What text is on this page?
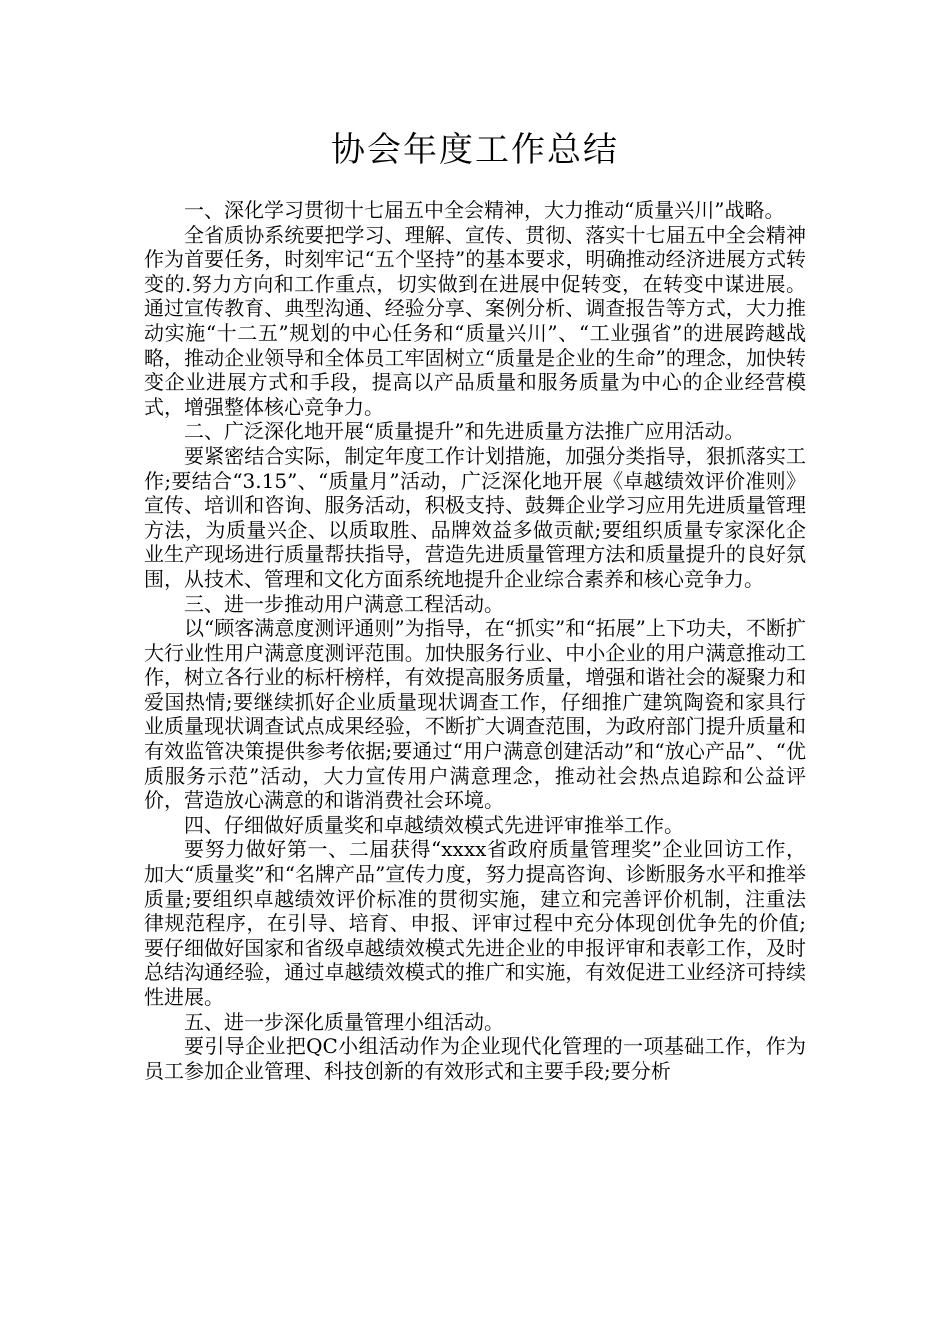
协会年度工作总结

一、深化学习贯彻十七届五中全会精神，大力推动“质量兴川”战略。

全省质协系统要把学习、理解、宣传、贯彻、落实十七届五中全会精神作为首要任务，时刻牢记“五个坚持”的基本要求，明确推动经济进展方式转变的.努力方向和工作重点，切实做到在进展中促转变，在转变中谋进展。通过宣传教育、典型沟通、经验分享、案例分析、调查报告等方式，大力推动实施“十二五”规划的中心任务和“质量兴川”、“工业强省”的进展跨越战略，推动企业领导和全体员工牢固树立“质量是企业的生命”的理念，加快转变企业进展方式和手段，提高以产品质量和服务质量为中心的企业经营模式，增强整体核心竞争力。

二、广泛深化地开展“质量提升”和先进质量方法推广应用活动。

要紧密结合实际，制定年度工作计划措施，加强分类指导，狠抓落实工作;要结合“3.15”、“质量月”活动，广泛深化地开展《卓越绩效评价准则》宣传、培训和咨询、服务活动，积极支持、鼓舞企业学习应用先进质量管理方法，为质量兴企、以质取胜、品牌效益多做贡献;要组织质量专家深化企业生产现场进行质量帮扶指导，营造先进质量管理方法和质量提升的良好氛围，从技术、管理和文化方面系统地提升企业综合素养和核心竞争力。

三、进一步推动用户满意工程活动。

以“顾客满意度测评通则”为指导，在“抓实”和“拓展”上下功夫，不断扩大行业性用户满意度测评范围。加快服务行业、中小企业的用户满意推动工作，树立各行业的标杆榜样，有效提高服务质量，增强和谐社会的凝聚力和爱国热情;要继续抓好企业质量现状调查工作，仔细推广建筑陶瓷和家具行业质量现状调查试点成果经验，不断扩大调查范围，为政府部门提升质量和有效监管决策提供参考依据;要通过“用户满意创建活动”和“放心产品”、“优质服务示范”活动，大力宣传用户满意理念，推动社会热点追踪和公益评价，营造放心满意的和谐消费社会环境。

四、仔细做好质量奖和卓越绩效模式先进评审推举工作。

要努力做好第一、二届获得“xxxx省政府质量管理奖”企业回访工作，加大“质量奖”和“名牌产品”宣传力度，努力提高咨询、诊断服务水平和推举质量;要组织卓越绩效评价标准的贯彻实施，建立和完善评价机制，注重法律规范程序，在引导、培育、申报、评审过程中充分体现创优争先的价值;要仔细做好国家和省级卓越绩效模式先进企业的申报评审和表彰工作，及时总结沟通经验，通过卓越绩效模式的推广和实施，有效促进工业经济可持续性进展。

五、进一步深化质量管理小组活动。

要引导企业把QC小组活动作为企业现代化管理的一项基础工作，作为员工参加企业管理、科技创新的有效形式和主要手段;要分析
